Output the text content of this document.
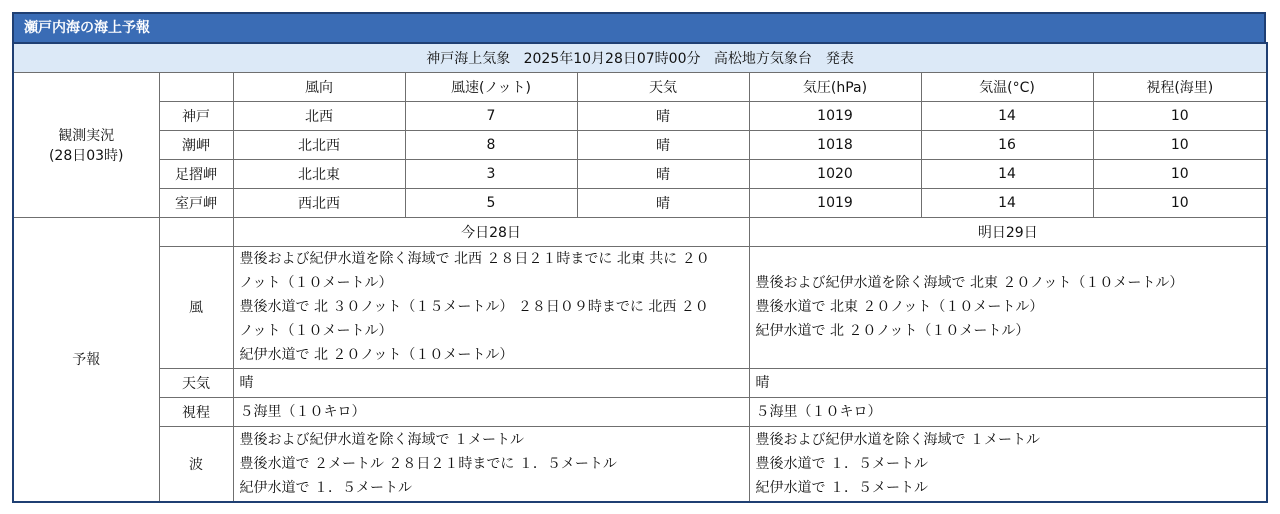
瀬戸内海の海上予報
神戸海上気象 2025年10月28日07時00分 高松地方気象台　発表							

観測実況
(28日03時)		風向	風速(ノット)	天気	気圧(hPa)	気温(°C)	視程(海里)
	神戸	北西	7	晴	1019	14	10
	潮岬	北北西	8	晴	1018	16	10
	足摺岬	北北東	3	晴	1020	14	10
	室戸岬	西北西	5	晴	1019	14	10
予報		今日28日			明日29日		
	風	豊後および紀伊水道を除く海域で 北西 ２８日２１時までに 北東 共に ２０
ノット（１０メートル）
豊後水道で 北 ３０ノット（１５メートル） ２８日０９時までに 北西 ２０
ノット（１０メートル）
紀伊水道で 北 ２０ノット（１０メートル）			豊後および紀伊水道を除く海域で 北東 ２０ノット（１０メートル）
豊後水道で 北東 ２０ノット（１０メートル）
紀伊水道で 北 ２０ノット（１０メートル）		

	天気	晴			晴		
	視程	５海里（１０キロ）			５海里（１０キロ）		
	波	豊後および紀伊水道を除く海域で １メートル
豊後水道で ２メートル ２８日２１時までに １．５メートル
紀伊水道で １．５メートル			豊後および紀伊水道を除く海域で １メートル
豊後水道で １．５メートル
紀伊水道で １．５メートル		
